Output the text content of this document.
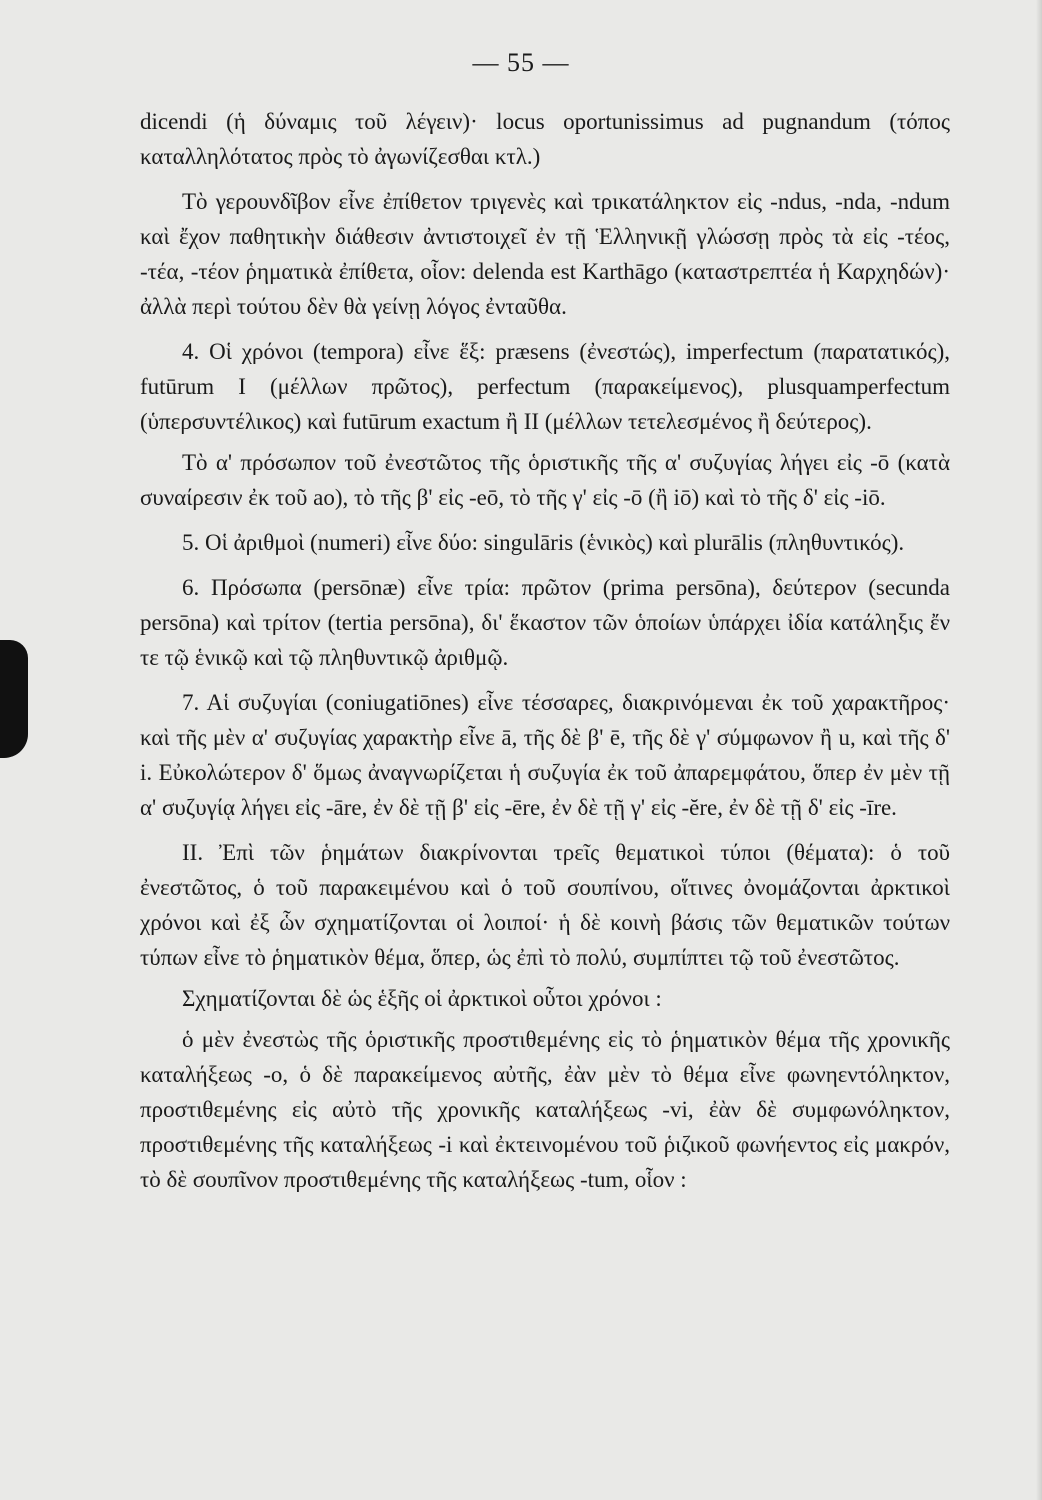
— 55 —

dicendi (ἡ δύναμις τοῦ λέγειν)· locus oportunissimus ad pugnandum (τόπος καταλληλότατος πρὸς τὸ ἀγωνίζεσθαι κτλ.)

Τὸ γερουνδῖβον εἶνε ἐπίθετον τριγενὲς καὶ τρικατάληκτον εἰς -ndus, -nda, -ndum καὶ ἔχον παθητικὴν διάθεσιν ἀντιστοιχεῖ ἐν τῇ Ἑλληνικῇ γλώσσῃ πρὸς τὰ εἰς -τέος, -τέα, -τέον ῥηματικὰ ἐπίθετα, οἷον: delenda est Karthāgo (καταστρεπτέα ἡ Καρχηδών)· ἀλλὰ περὶ τούτου δὲν θὰ γείνῃ λόγος ἐνταῦθα.

4. Οἱ χρόνοι (tempora) εἶνε ἕξ: præsens (ἐνεστώς), imperfectum (παρατατικός), futūrum I (μέλλων πρῶτος), perfectum (παρακείμενος), plusquamperfectum (ὑπερσυντέλικος) καὶ futūrum exactum ἢ II (μέλλων τετελεσμένος ἢ δεύτερος).

Τὸ α' πρόσωπον τοῦ ἐνεστῶτος τῆς ὁριστικῆς τῆς α' συζυγίας λήγει εἰς -ō (κατὰ συναίρεσιν ἐκ τοῦ ao), τὸ τῆς β' εἰς -eō, τὸ τῆς γ' εἰς -ō (ἢ iō) καὶ τὸ τῆς δ' εἰς -iō.

5. Οἱ ἀριθμοὶ (numeri) εἶνε δύο: singulāris (ἑνικὸς) καὶ plurālis (πληθυντικός).

6. Πρόσωπα (persōnæ) εἶνε τρία: πρῶτον (prima persōna), δεύτερον (secunda persōna) καὶ τρίτον (tertia persōna), δι' ἕκαστον τῶν ὁποίων ὑπάρχει ἰδία κατάληξις ἔν τε τῷ ἑνικῷ καὶ τῷ πληθυντικῷ ἀριθμῷ.

7. Αἱ συζυγίαι (coniugatiōnes) εἶνε τέσσαρες, διακρινόμεναι ἐκ τοῦ χαρακτῆρος· καὶ τῆς μὲν α' συζυγίας χαρακτὴρ εἶνε ā, τῆς δὲ β' ē, τῆς δὲ γ' σύμφωνον ἢ u, καὶ τῆς δ' i. Εὐκολώτερον δ' ὅμως ἀναγνωρίζεται ἡ συζυγία ἐκ τοῦ ἀπαρεμφάτου, ὅπερ ἐν μὲν τῇ α' συζυγίᾳ λήγει εἰς -āre, ἐν δὲ τῇ β' εἰς -ēre, ἐν δὲ τῇ γ' εἰς -ĕre, ἐν δὲ τῇ δ' εἰς -īre.

II. Ἐπὶ τῶν ῥημάτων διακρίνονται τρεῖς θεματικοὶ τύποι (θέματα): ὁ τοῦ ἐνεστῶτος, ὁ τοῦ παρακειμένου καὶ ὁ τοῦ σουπίνου, οἵτινες ὀνομάζονται ἀρκτικοὶ χρόνοι καὶ ἐξ ὧν σχηματίζονται οἱ λοιποί· ἡ δὲ κοινὴ βάσις τῶν θεματικῶν τούτων τύπων εἶνε τὸ ῥηματικὸν θέμα, ὅπερ, ὡς ἐπὶ τὸ πολύ, συμπίπτει τῷ τοῦ ἐνεστῶτος.

Σχηματίζονται δὲ ὡς ἑξῆς οἱ ἀρκτικοὶ οὗτοι χρόνοι :

ὁ μὲν ἐνεστὼς τῆς ὁριστικῆς προστιθεμένης εἰς τὸ ῥηματικὸν θέμα τῆς χρονικῆς καταλήξεως -o, ὁ δὲ παρακείμενος αὐτῆς, ἐὰν μὲν τὸ θέμα εἶνε φωνηεντόληκτον, προστιθεμένης εἰς αὐτὸ τῆς χρονικῆς καταλήξεως -vi, ἐὰν δὲ συμφωνόληκτον, προστιθεμένης τῆς καταλήξεως -i καὶ ἐκτεινομένου τοῦ ῥιζικοῦ φωνήεντος εἰς μακρόν, τὸ δὲ σουπῖνον προστιθεμένης τῆς καταλήξεως -tum, οἷον :
